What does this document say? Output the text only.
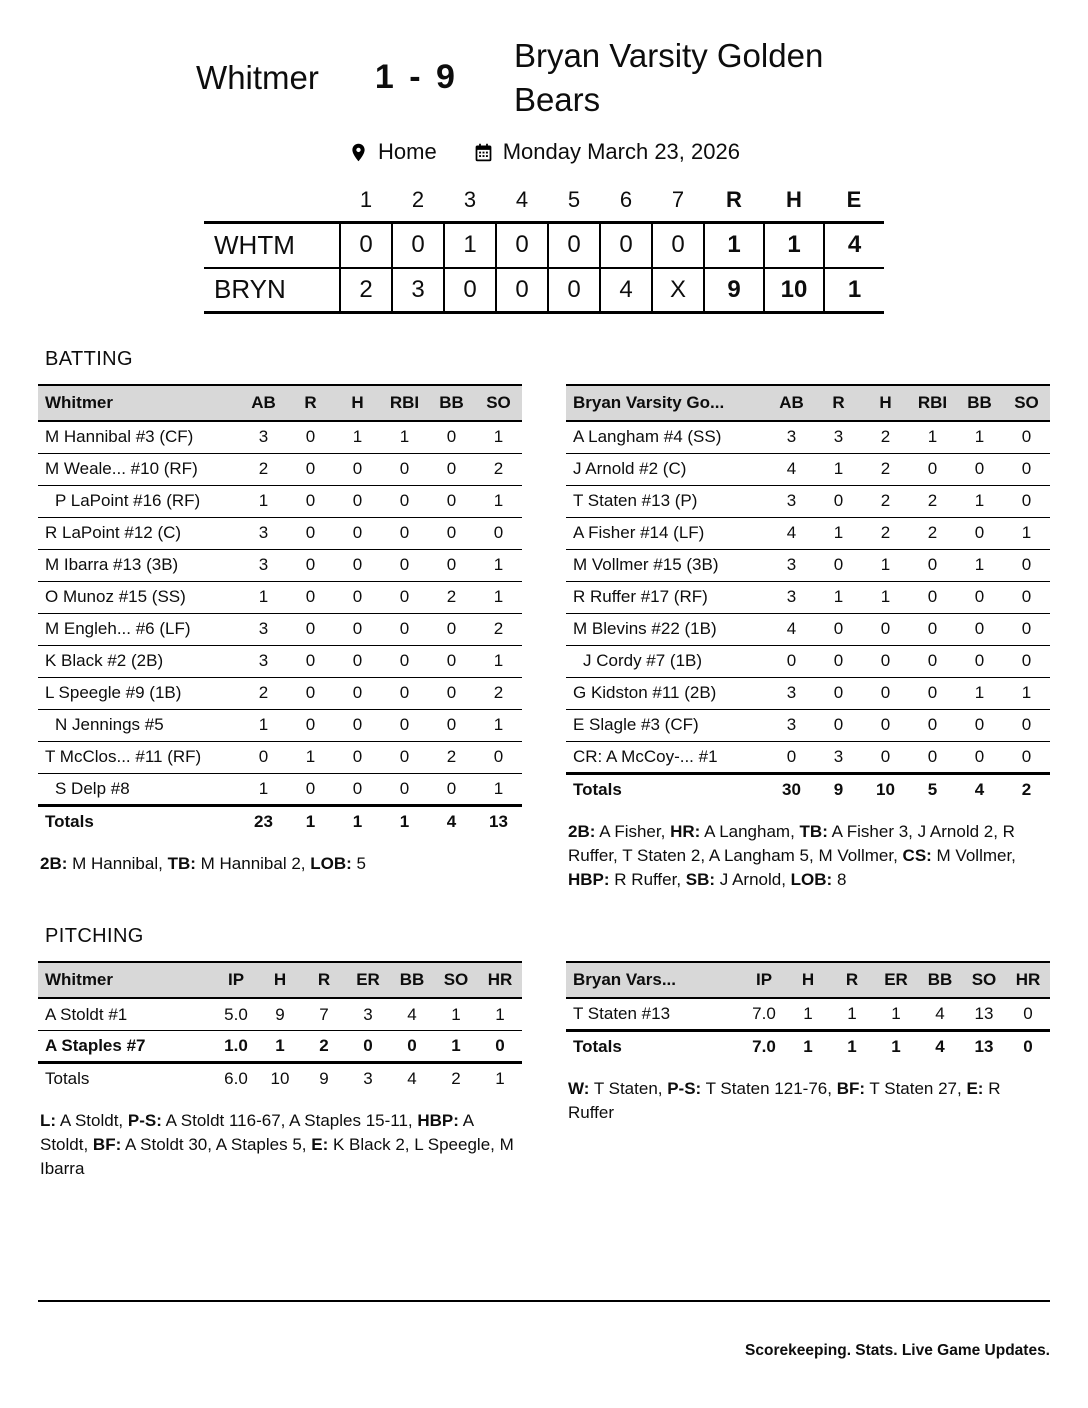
Whitmer 1 - 9
Bryan Varsity Golden Bears
Home	Monday March 23, 2026
	1	2	3	4	5	6	7	R	H	E
WHTM	0	0	1	0	0	0	0	1	1	4
BRYN	2	3	0	0	0	4	X	9	10	1
BATTING
Whitmer	AB	R	H	RBI	BB	SO
M Hannibal #3 (CF)	3	0	1	1	0	1
M Weale... #10 (RF)	2	0	0	0	0	2
P LaPoint #16 (RF)	1	0	0	0	0	1
R LaPoint #12 (C)	3	0	0	0	0	0
M Ibarra #13 (3B)	3	0	0	0	0	1
O Munoz #15 (SS)	1	0	0	0	2	1
M Engleh... #6 (LF)	3	0	0	0	0	2
K Black #2 (2B)	3	0	0	0	0	1
L Speegle #9 (1B)	2	0	0	0	0	2
N Jennings #5	1	0	0	0	0	1
T McClos... #11 (RF)	0	1	0	0	2	0
S Delp #8	1	0	0	0	0	1
Totals	23	1	1	1	4	13

2B: M Hannibal, TB: M Hannibal 2, LOB: 5

Bryan Varsity Go...	AB	R	H	RBI	BB	SO
A Langham #4 (SS)	3	3	2	1	1	0
J Arnold #2 (C)	4	1	2	0	0	0
T Staten #13 (P)	3	0	2	2	1	0
A Fisher #14 (LF)	4	1	2	2	0	1
M Vollmer #15 (3B)	3	0	1	0	1	0
R Ruffer #17 (RF)	3	1	1	0	0	0
M Blevins #22 (1B)	4	0	0	0	0	0
J Cordy #7 (1B)	0	0	0	0	0	0
G Kidston #11 (2B)	3	0	0	0	1	1
E Slagle #3 (CF)	3	0	0	0	0	0
CR: A McCoy-... #1	0	3	0	0	0	0
Totals	30	9	10	5	4	2

2B: A Fisher, HR: A Langham, TB: A Fisher 3, J Arnold 2, R Ruffer, T Staten 2, A Langham 5, M Vollmer, CS: M Vollmer, HBP: R Ruffer, SB: J Arnold, LOB: 8

PITCHING
Whitmer	IP	H	R	ER	BB	SO	HR
A Stoldt #1	5.0	9	7	3	4	1	1
A Staples #7	1.0	1	2	0	0	1	0
Totals	6.0	10	9	3	4	2	1

L: A Stoldt, P-S: A Stoldt 116-67, A Staples 15-11, HBP: A Stoldt, BF: A Stoldt 30, A Staples 5, E: K Black 2, L Speegle, M Ibarra

Bryan Vars...	IP	H	R	ER	BB	SO	HR
T Staten #13	7.0	1	1	1	4	13	0
Totals	7.0	1	1	1	4	13	0

W: T Staten, P-S: T Staten 121-76, BF: T Staten 27, E: R Ruffer

Scorekeeping. Stats. Live Game Updates.
